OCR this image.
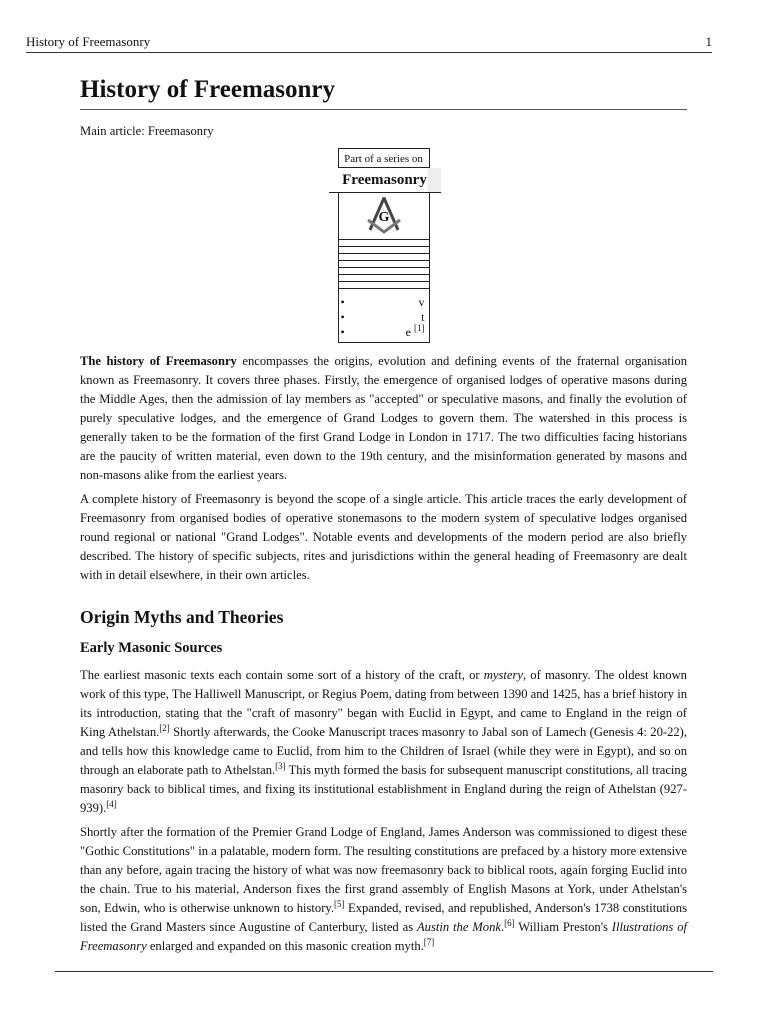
History of Freemasonry	1
History of Freemasonry
Main article: Freemasonry
Part of a series on
Freemasonry
G
•	v
•	t
•	e [1]

The history of Freemasonry encompasses the origins, evolution and defining events of the fraternal organisation known as Freemasonry. It covers three phases. Firstly, the emergence of organised lodges of operative masons during the Middle Ages, then the admission of lay members as "accepted" or speculative masons, and finally the evolution of purely speculative lodges, and the emergence of Grand Lodges to govern them. The watershed in this process is generally taken to be the formation of the first Grand Lodge in London in 1717. The two difficulties facing historians are the paucity of written material, even down to the 19th century, and the misinformation generated by masons and non-masons alike from the earliest years.

A complete history of Freemasonry is beyond the scope of a single article. This article traces the early development of Freemasonry from organised bodies of operative stonemasons to the modern system of speculative lodges organised round regional or national "Grand Lodges". Notable events and developments of the modern period are also briefly described. The history of specific subjects, rites and jurisdictions within the general heading of Freemasonry are dealt with in detail elsewhere, in their own articles.

Origin Myths and Theories
Early Masonic Sources

The earliest masonic texts each contain some sort of a history of the craft, or mystery, of masonry. The oldest known work of this type, The Halliwell Manuscript, or Regius Poem, dating from between 1390 and 1425, has a brief history in its introduction, stating that the "craft of masonry" began with Euclid in Egypt, and came to England in the reign of King Athelstan.[2] Shortly afterwards, the Cooke Manuscript traces masonry to Jabal son of Lamech (Genesis 4: 20-22), and tells how this knowledge came to Euclid, from him to the Children of Israel (while they were in Egypt), and so on through an elaborate path to Athelstan.[3] This myth formed the basis for subsequent manuscript constitutions, all tracing masonry back to biblical times, and fixing its institutional establishment in England during the reign of Athelstan (927-939).[4]

Shortly after the formation of the Premier Grand Lodge of England, James Anderson was commissioned to digest these "Gothic Constitutions" in a palatable, modern form. The resulting constitutions are prefaced by a history more extensive than any before, again tracing the history of what was now freemasonry back to biblical roots, again forging Euclid into the chain. True to his material, Anderson fixes the first grand assembly of English Masons at York, under Athelstan's son, Edwin, who is otherwise unknown to history.[5] Expanded, revised, and republished, Anderson's 1738 constitutions listed the Grand Masters since Augustine of Canterbury, listed as Austin the Monk.[6] William Preston's Illustrations of Freemasonry enlarged and expanded on this masonic creation myth.[7]
